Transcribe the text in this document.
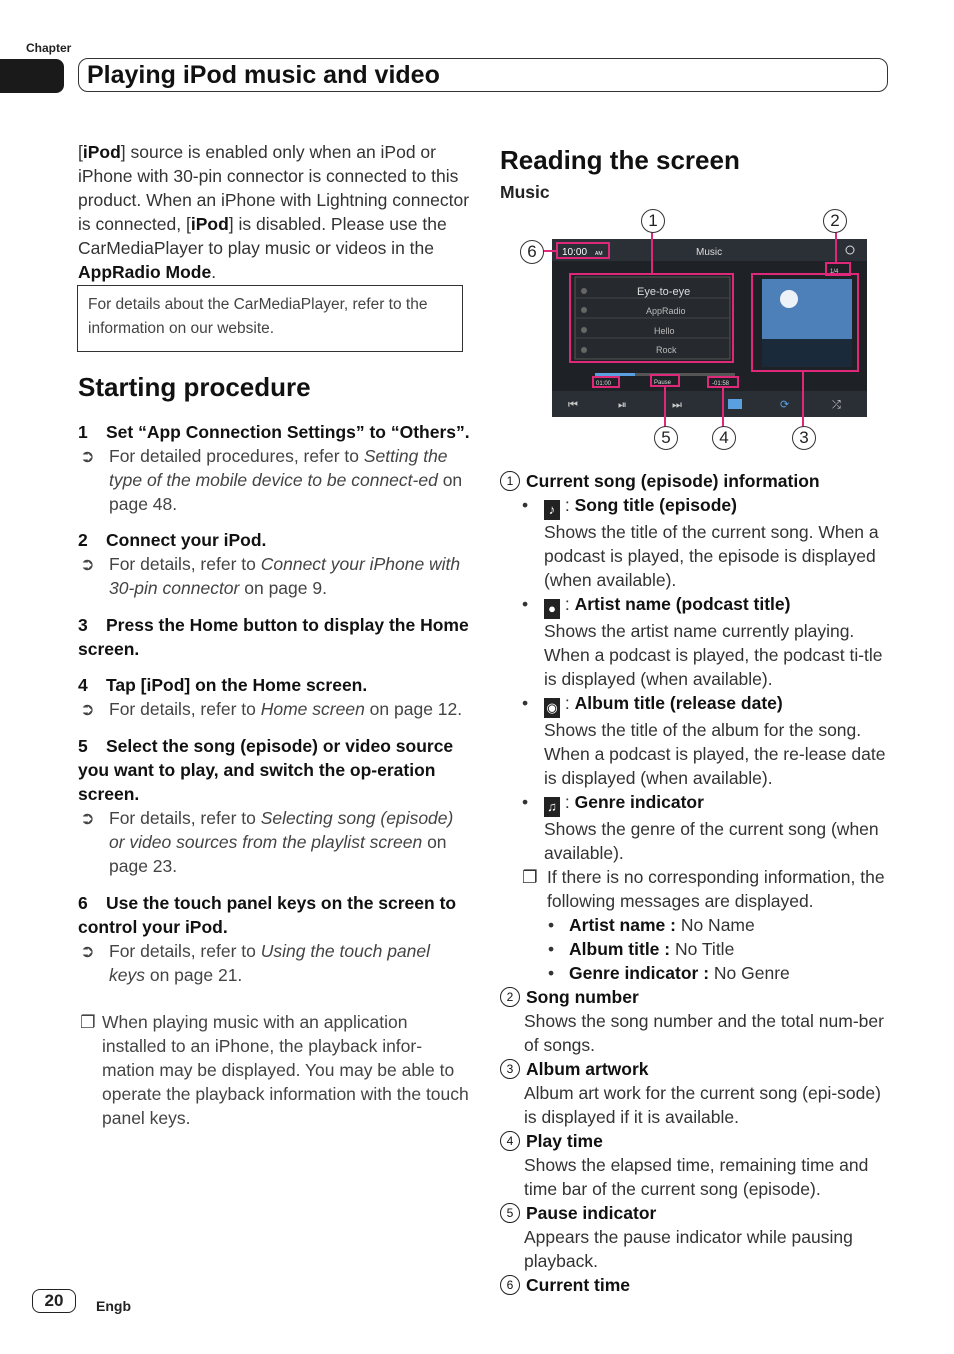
Chapter
Playing iPod music and video

[iPod] source is enabled only when an iPod or iPhone with 30-pin connector is connected to this product. When an iPhone with Lightning connector is connected, [iPod] is disabled. Please use the CarMediaPlayer to play music or videos in the AppRadio Mode.

For details about the CarMediaPlayer, refer to the information on our website.
Starting procedure
1 Set “App Connection Settings” to “Others”.
➲ For detailed procedures, refer to Setting the type of the mobile device to be connect-ed on page 48.
2 Connect your iPod.
➲ For details, refer to Connect your iPhone with 30-pin connector on page 9.
3 Press the Home button to display the Home screen.
4 Tap [iPod] on the Home screen.
➲ For details, refer to Home screen on page 12.
5 Select the song (episode) or video source you want to play, and switch the op-eration screen.
➲ For details, refer to Selecting song (episode) or video sources from the playlist screen on page 23.
6 Use the touch panel keys on the screen to control your iPod.
➲ For details, refer to Using the touch panel keys on page 21.
❐ When playing music with an application installed to an iPhone, the playback infor-mation may be displayed. You may be able to operate the playback information with the touch panel keys.
Reading the screen
Music
10:00 AM	Music
Eye-to-eye
AppRadio
Hello
Rock
1/4
01:00	-01:58
Pause
⏮	⏯	⏭	⟳	⤮
1	2
3
4
5
6
1 Current song (episode) information
• ♪ : Song title (episode)
Shows the title of the current song. When a podcast is played, the episode is displayed (when available).
• ● : Artist name (podcast title)
Shows the artist name currently playing. When a podcast is played, the podcast ti-tle is displayed (when available).
• ◉ : Album title (release date)
Shows the title of the album for the song. When a podcast is played, the re-lease date is displayed (when available).
• ♫ : Genre indicator
Shows the genre of the current song (when available).
❐ If there is no corresponding information, the following messages are displayed.
• Artist name : No Name
• Album title : No Title
• Genre indicator : No Genre
2 Song number
Shows the song number and the total num-ber of songs.
3 Album artwork
Album art work for the current song (epi-sode) is displayed if it is available.
4 Play time
Shows the elapsed time, remaining time and time bar of the current song (episode).
5 Pause indicator
Appears the pause indicator while pausing playback.
6 Current time
20	Engb
